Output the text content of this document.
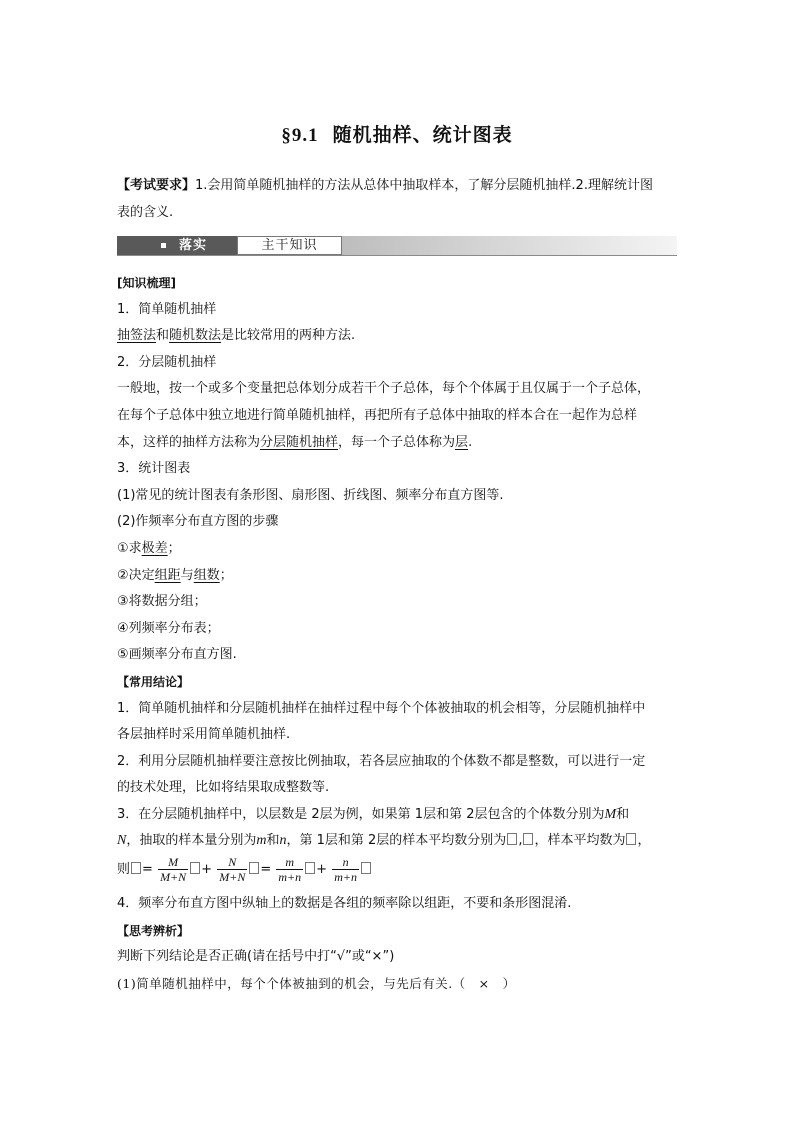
§9.1 随机抽样、统计图表
【考试要求】1.会用简单随机抽样的方法从总体中抽取样本，了解分层随机抽样.2.理解统计图
表的含义.
落实	主干知识
[知识梳理]
1．简单随机抽样
抽签法和随机数法是比较常用的两种方法.
2．分层随机抽样
一般地，按一个或多个变量把总体划分成若干个子总体，每个个体属于且仅属于一个子总体，
在每个子总体中独立地进行简单随机抽样，再把所有子总体中抽取的样本合在一起作为总样
本，这样的抽样方法称为分层随机抽样，每一个子总体称为层.
3．统计图表
(1)常见的统计图表有条形图、扇形图、折线图、频率分布直方图等.
(2)作频率分布直方图的步骤
①求极差；
②决定组距与组数；
③将数据分组；
④列频率分布表；
⑤画频率分布直方图.
【常用结论】
1．简单随机抽样和分层随机抽样在抽样过程中每个个体被抽取的机会相等，分层随机抽样中
各层抽样时采用简单随机抽样.
2．利用分层随机抽样要注意按比例抽取，若各层应抽取的个体数不都是整数，可以进行一定
的技术处理，比如将结果取成整数等.
3．在分层随机抽样中，以层数是 2层为例，如果第 1层和第 2层包含的个体数分别为M和
N，抽取的样本量分别为m和n，第 1层和第 2层的样本平均数分别为 , ，样本平均数为 ，
则 = $\frac{M}{M+N} + \frac{N}{M+N} = \frac{m}{m+n} + \frac{n}{m+n}$
4．频率分布直方图中纵轴上的数据是各组的频率除以组距，不要和条形图混淆.
【思考辨析】
判断下列结论是否正确(请在括号中打“√”或“×”)
(1)简单随机抽样中，每个个体被抽到的机会，与先后有关.（　×　）
